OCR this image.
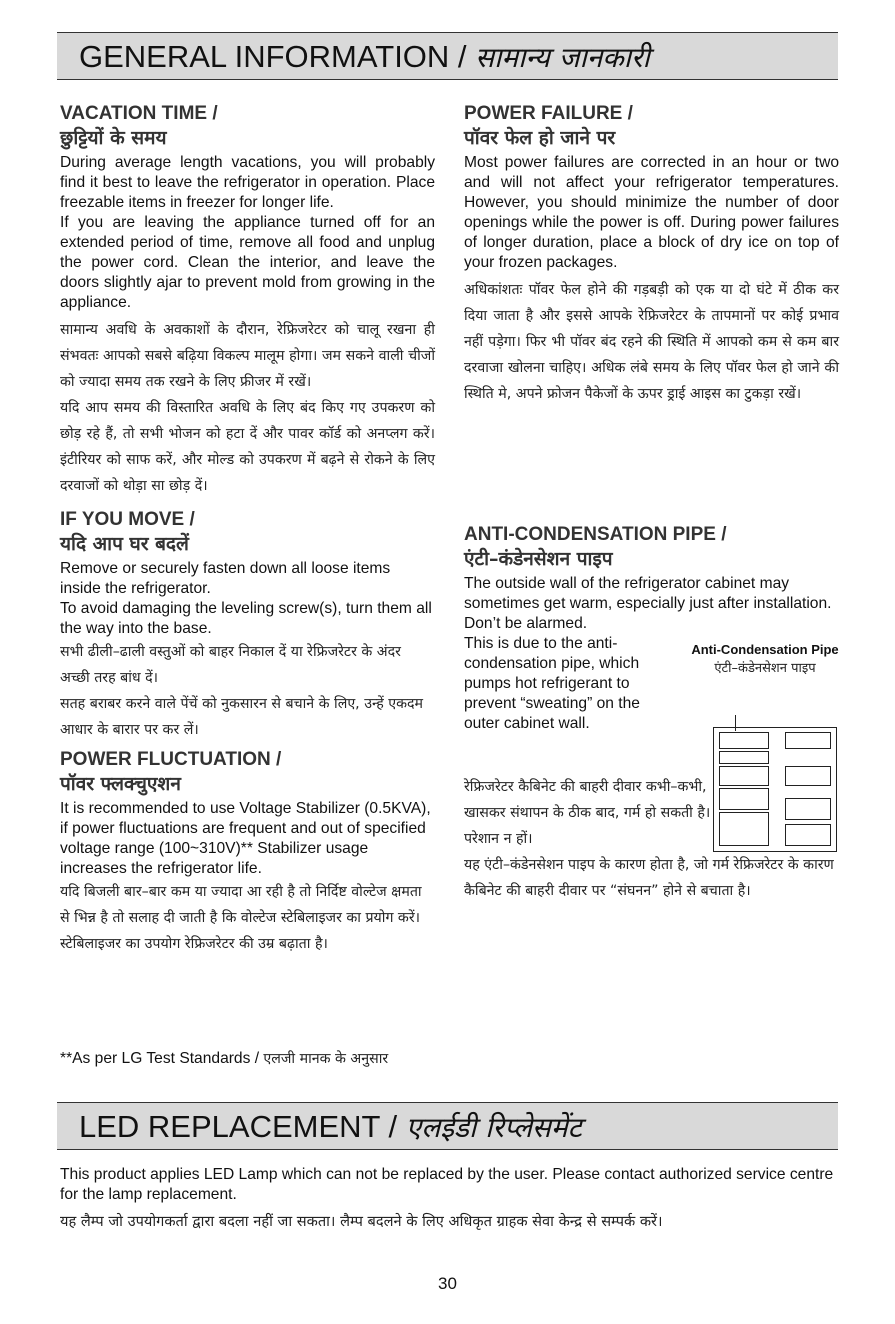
GENERAL INFORMATION / सामान्य जानकारी
VACATION TIME /
छुट्टियों के समय

During average length vacations, you will probably find it best to leave the refrigerator in operation. Place freezable items in freezer for longer life.

If you are leaving the appliance turned off for an extended period of time, remove all food and unplug the power cord. Clean the interior, and leave the doors slightly ajar to prevent mold from growing in the appliance.

सामान्य अवधि के अवकाशों के दौरान, रेफ्रिजरेटर को चालू रखना ही संभवतः आपको सबसे बढ़िया विकल्प मालूम होगा। जम सकने वाली चीजों को ज्यादा समय तक रखने के लिए फ्रीजर में रखें।

यदि आप समय की विस्तारित अवधि के लिए बंद किए गए उपकरण को छोड़ रहे हैं, तो सभी भोजन को हटा दें और पावर कॉर्ड को अनप्लग करें। इंटीरियर को साफ करें, और मोल्ड को उपकरण में बढ़ने से रोकने के लिए दरवाजों को थोड़ा सा छोड़ दें।

IF YOU MOVE /
यदि आप घर बदलें

Remove or securely fasten down all loose items inside the refrigerator.

To avoid damaging the leveling screw(s), turn them all the way into the base.

सभी ढीली–ढाली वस्तुओं को बाहर निकाल दें या रेफ्रिजरेटर के अंदर अच्छी तरह बांध दें।

सतह बराबर करने वाले पेंचें को नुकसारन से बचाने के लिए, उन्हें एकदम आधार के बारार पर कर लें।

POWER FLUCTUATION /
पॉवर फ्लक्चुएशन

It is recommended to use Voltage Stabilizer (0.5KVA), if power fluctuations are frequent and out of specified voltage range (100~310V)** Stabilizer usage increases the refrigerator life.

यदि बिजली बार–बार कम या ज्यादा आ रही है तो निर्दिष्ट वोल्टेज क्षमता से भिन्न है तो सलाह दी जाती है कि वोल्टेज स्टेबिलाइजर का प्रयोग करें। स्टेबिलाइजर का उपयोग रेफ्रिजरेटर की उम्र बढ़ाता है।

**As per LG Test Standards / एलजी मानक के अनुसार
POWER FAILURE /
पॉवर फेल हो जाने पर

Most power failures are corrected in an hour or two and will not affect your refrigerator temperatures. However, you should minimize the number of door openings while the power is off. During power failures of longer duration, place a block of dry ice on top of your frozen packages.

अधिकांशतः पॉवर फेल होने की गड़बड़ी को एक या दो घंटे में ठीक कर दिया जाता है और इससे आपके रेफ्रिजरेटर के तापमानों पर कोई प्रभाव नहीं पड़ेगा। फिर भी पॉवर बंद रहने की स्थिति में आपको कम से कम बार दरवाजा खोलना चाहिए। अधिक लंबे समय के लिए पॉवर फेल हो जाने की स्थिति मे, अपने फ्रोजन पैकेजों के ऊपर ड्राई आइस का टुकड़ा रखें।

ANTI-CONDENSATION PIPE /
एंटी–कंडेनसेशन पाइप

The outside wall of the refrigerator cabinet may sometimes get warm, especially just after installation.

Don’t be alarmed.

This is due to the anti-condensation pipe, which pumps hot refrigerant to prevent “sweating” on the outer cabinet wall.

रेफ्रिजरेटर कैबिनेट की बाहरी दीवार कभी–कभी, खासकर संथापन के ठीक बाद, गर्म हो सकती है। परेशान न हों।

यह एंटी–कंडेनसेशन पाइप के कारण होता है, जो गर्म रेफ्रिजरेटर के कारण कैबिनेट की बाहरी दीवार पर “संघनन” होने से बचाता है।

Anti-Condensation Pipe
एंटी–कंडेनसेशन पाइप
LED REPLACEMENT / एलईडी रिप्लेसमेंट

This product applies LED Lamp which can not be replaced by the user. Please contact authorized service centre for the lamp replacement.

यह लैम्प जो उपयोगकर्ता द्वारा बदला नहीं जा सकता। लैम्प बदलने के लिए अधिकृत ग्राहक सेवा केन्द्र से सम्पर्क करें।

30
